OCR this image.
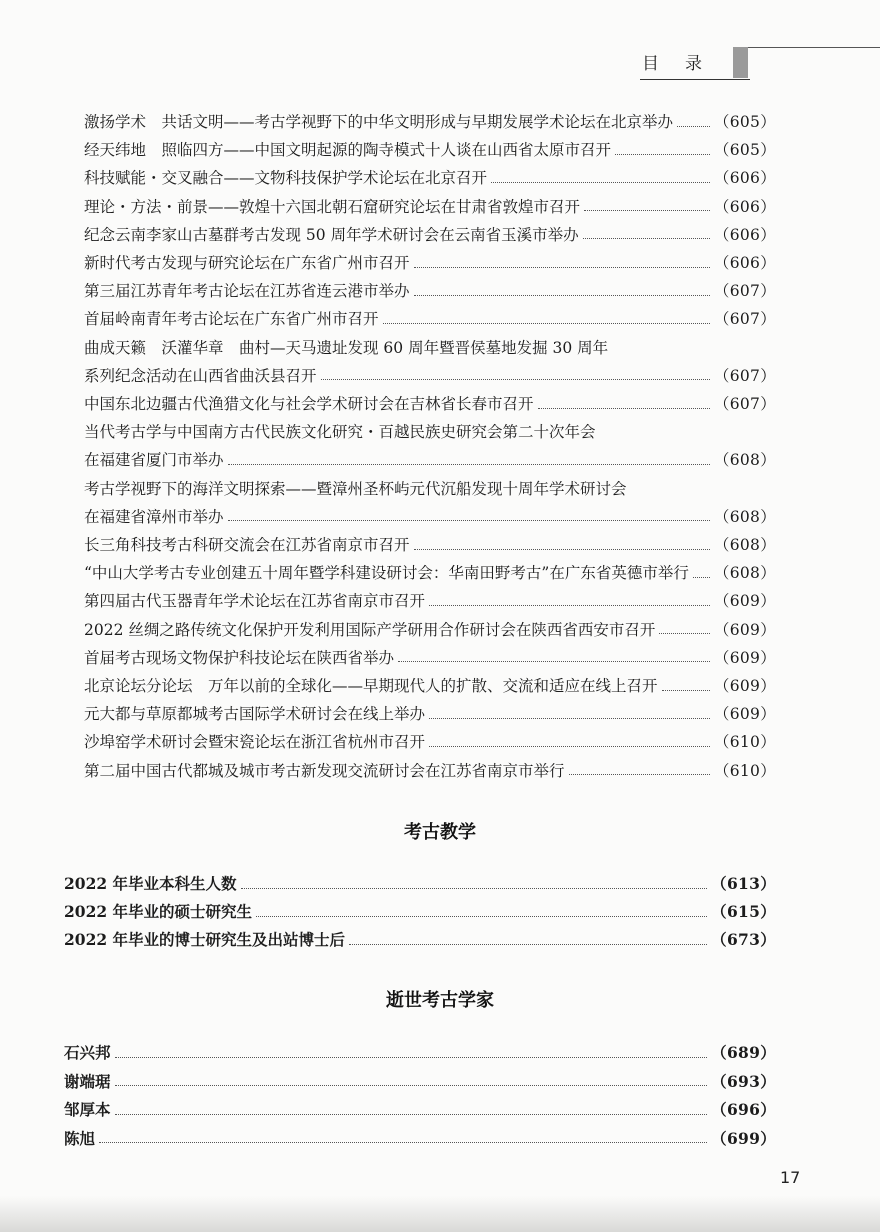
目录
激扬学术　共话文明——考古学视野下的中华文明形成与早期发展学术论坛在北京举办	（605）
经天纬地　照临四方——中国文明起源的陶寺模式十人谈在山西省太原市召开	（605）
科技赋能・交叉融合——文物科技保护学术论坛在北京召开	（606）
理论・方法・前景——敦煌十六国北朝石窟研究论坛在甘肃省敦煌市召开	（606）
纪念云南李家山古墓群考古发现 50 周年学术研讨会在云南省玉溪市举办	（606）
新时代考古发现与研究论坛在广东省广州市召开	（606）
第三届江苏青年考古论坛在江苏省连云港市举办	（607）
首届岭南青年考古论坛在广东省广州市召开	（607）
曲成天籁　沃灌华章　曲村—天马遗址发现 60 周年暨晋侯墓地发掘 30 周年
系列纪念活动在山西省曲沃县召开	（607）
中国东北边疆古代渔猎文化与社会学术研讨会在吉林省长春市召开	（607）
当代考古学与中国南方古代民族文化研究・百越民族史研究会第二十次年会
在福建省厦门市举办	（608）
考古学视野下的海洋文明探索——暨漳州圣杯屿元代沉船发现十周年学术研讨会
在福建省漳州市举办	（608）
长三角科技考古科研交流会在江苏省南京市召开	（608）
“中山大学考古专业创建五十周年暨学科建设研讨会：华南田野考古”在广东省英德市举行 （608）
第四届古代玉器青年学术论坛在江苏省南京市召开	（609）
2022 丝绸之路传统文化保护开发利用国际产学研用合作研讨会在陕西省西安市召开	（609）
首届考古现场文物保护科技论坛在陕西省举办	（609）
北京论坛分论坛　万年以前的全球化——早期现代人的扩散、交流和适应在线上召开	（609）
元大都与草原都城考古国际学术研讨会在线上举办	（609）
沙埠窑学术研讨会暨宋瓷论坛在浙江省杭州市召开	（610）
第二届中国古代都城及城市考古新发现交流研讨会在江苏省南京市举行	（610）
考古教学
2022 年毕业本科生人数	（613）
2022 年毕业的硕士研究生	（615）
2022 年毕业的博士研究生及出站博士后	（673）
逝世考古学家
石兴邦	（689）
谢端琚	（693）
邹厚本	（696）
陈旭	（699）
17
